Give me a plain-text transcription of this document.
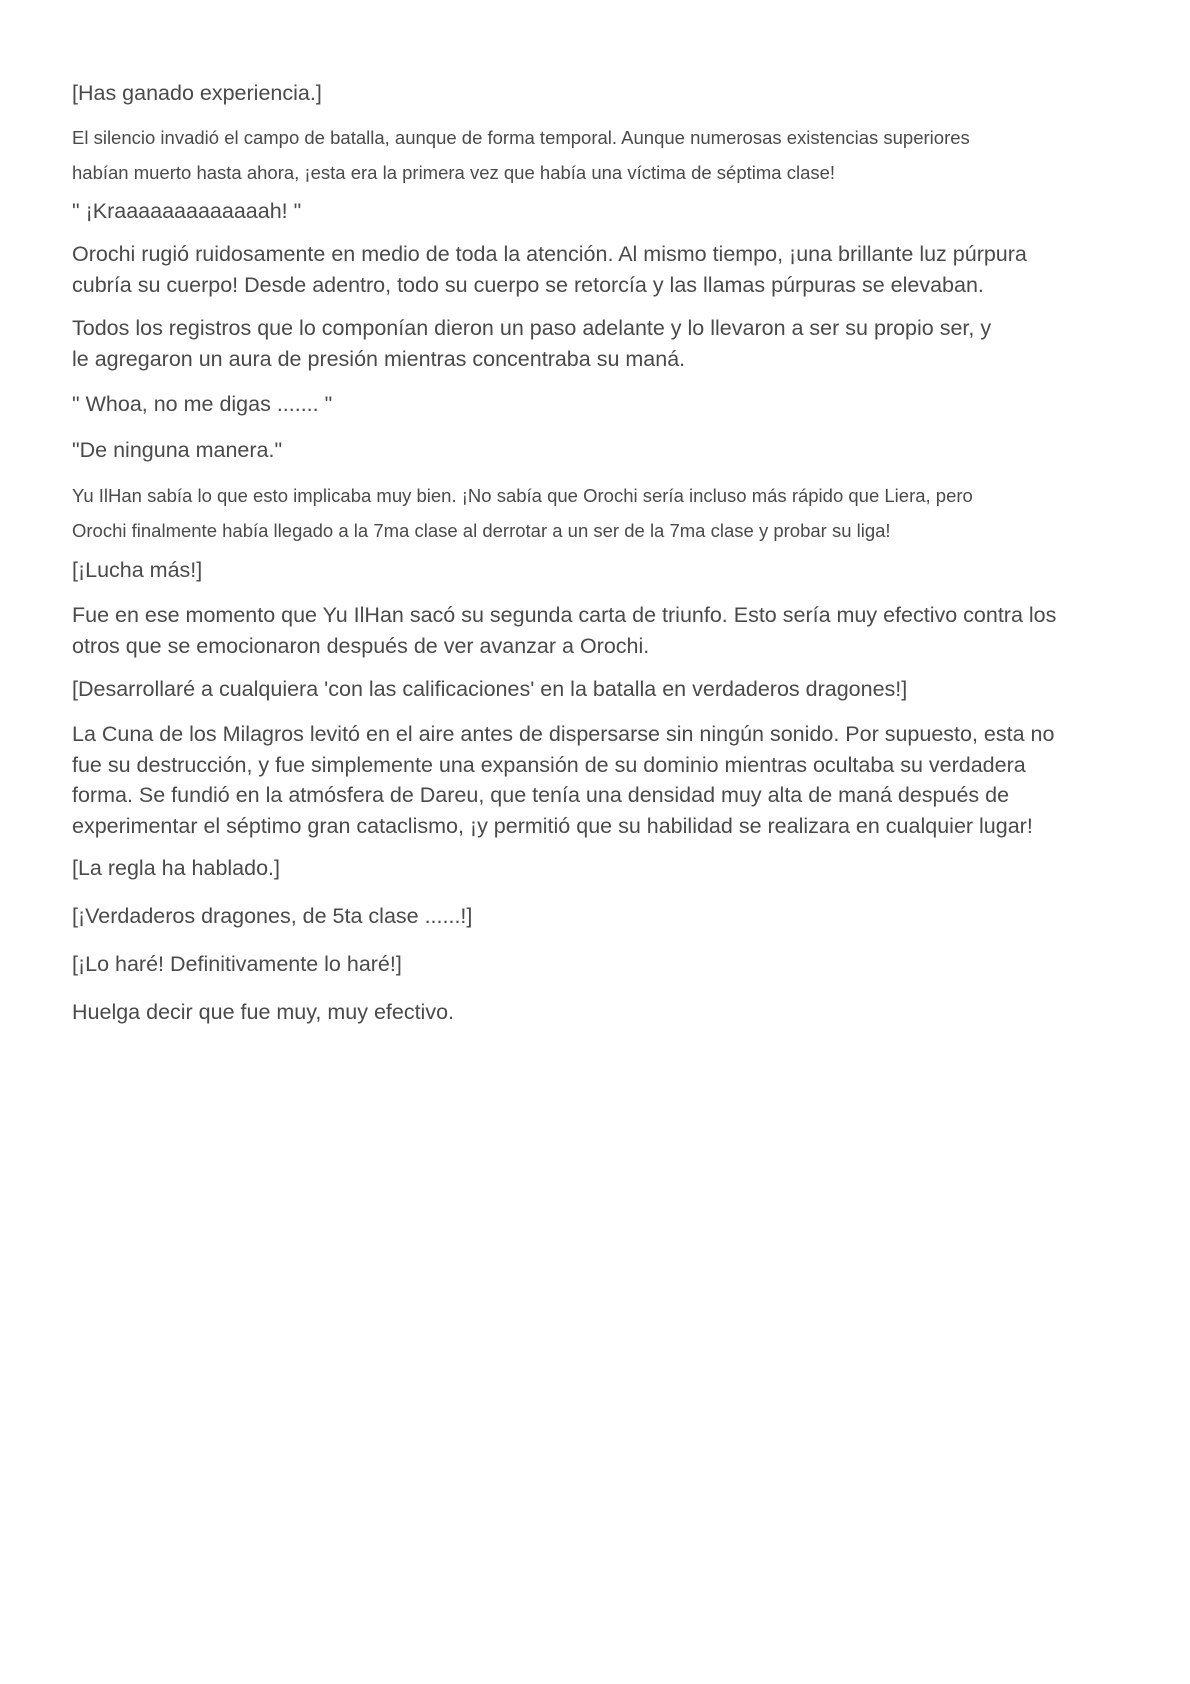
[Has ganado experiencia.]

El silencio invadió el campo de batalla, aunque de forma temporal. Aunque numerosas existencias superiores
habían muerto hasta ahora, ¡esta era la primera vez que había una víctima de séptima clase!

" ¡Kraaaaaaaaaaaaah! "

Orochi rugió ruidosamente en medio de toda la atención. Al mismo tiempo, ¡una brillante luz púrpura
cubría su cuerpo! Desde adentro, todo su cuerpo se retorcía y las llamas púrpuras se elevaban.

Todos los registros que lo componían dieron un paso adelante y lo llevaron a ser su propio ser, y
le agregaron un aura de presión mientras concentraba su maná.

" Whoa, no me digas ....... "

"De ninguna manera."

Yu IlHan sabía lo que esto implicaba muy bien. ¡No sabía que Orochi sería incluso más rápido que Liera, pero
Orochi finalmente había llegado a la 7ma clase al derrotar a un ser de la 7ma clase y probar su liga!

[¡Lucha más!]

Fue en ese momento que Yu IlHan sacó su segunda carta de triunfo. Esto sería muy efectivo contra los
otros que se emocionaron después de ver avanzar a Orochi.

[Desarrollaré a cualquiera 'con las calificaciones' en la batalla en verdaderos dragones!]

La Cuna de los Milagros levitó en el aire antes de dispersarse sin ningún sonido. Por supuesto, esta no
fue su destrucción, y fue simplemente una expansión de su dominio mientras ocultaba su verdadera
forma. Se fundió en la atmósfera de Dareu, que tenía una densidad muy alta de maná después de
experimentar el séptimo gran cataclismo, ¡y permitió que su habilidad se realizara en cualquier lugar!

[La regla ha hablado.]

[¡Verdaderos dragones, de 5ta clase ......!]

[¡Lo haré! Definitivamente lo haré!]

Huelga decir que fue muy, muy efectivo.
